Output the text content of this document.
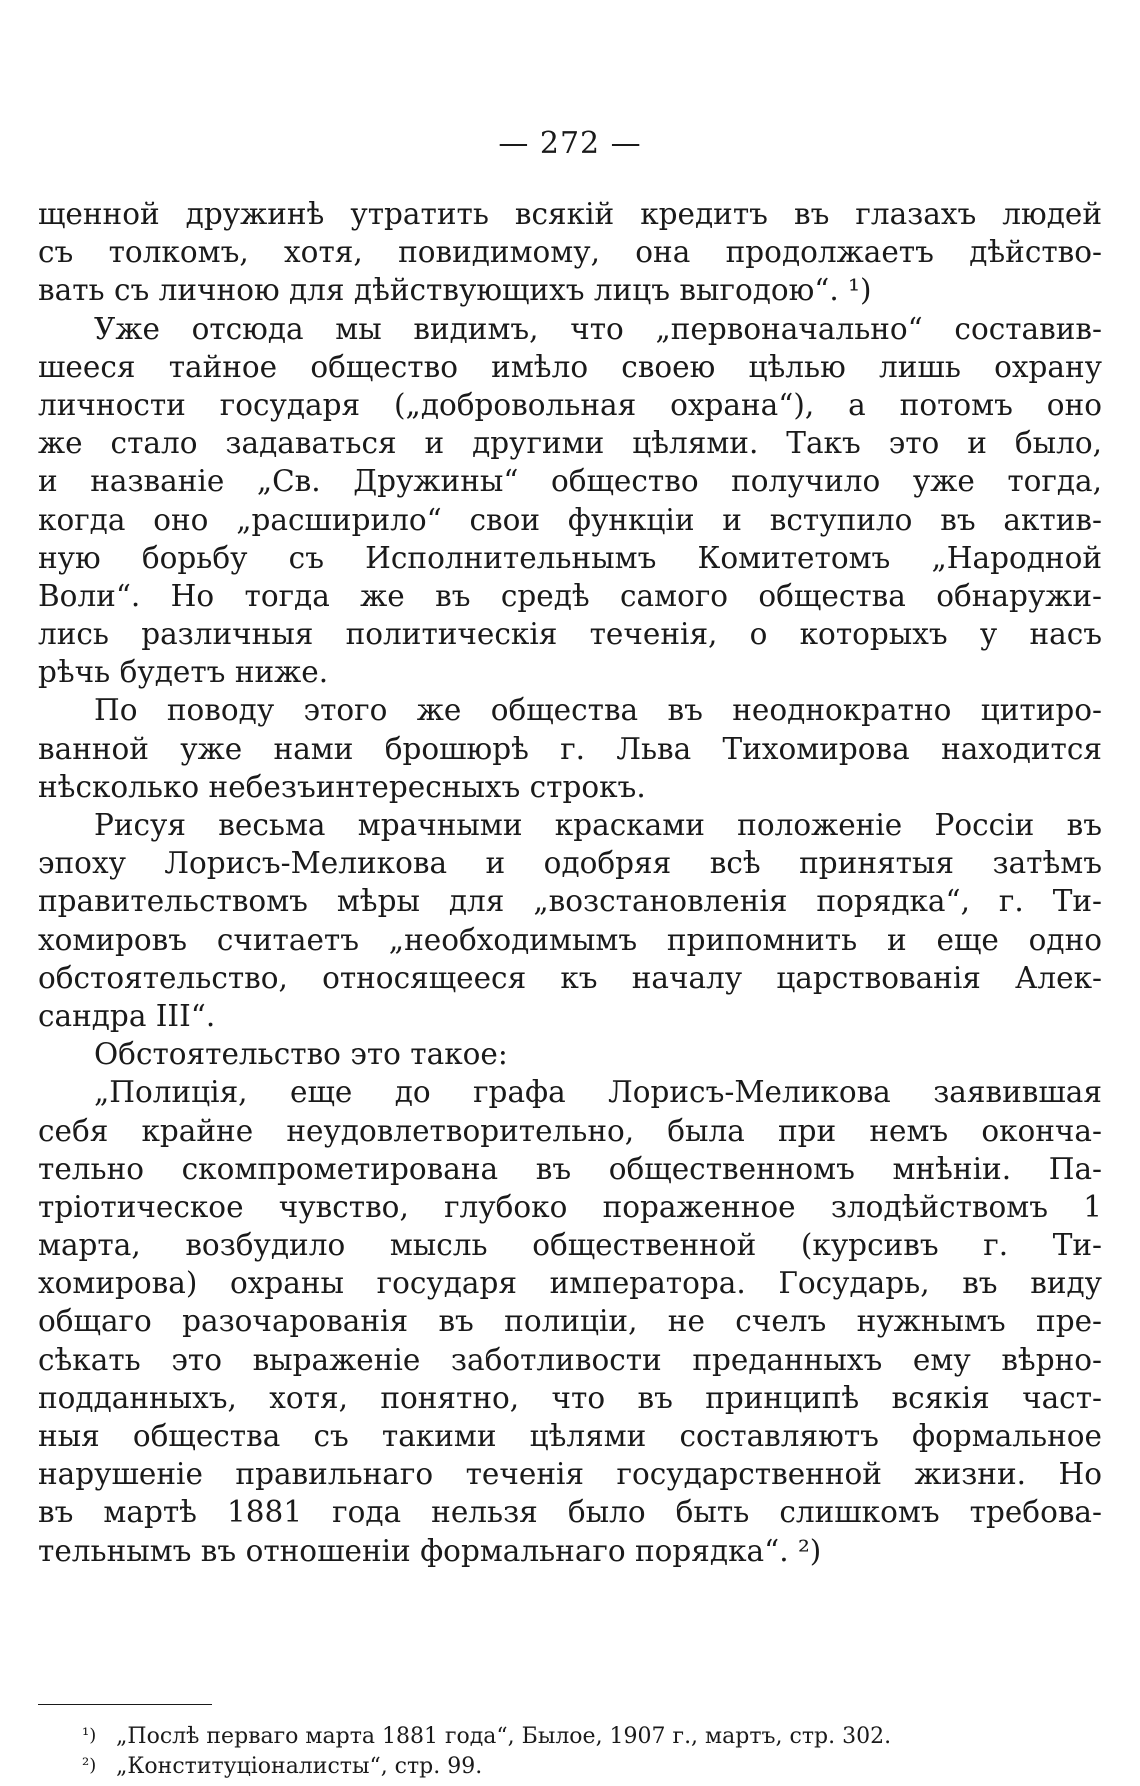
— 272 —
щенной дружинѣ утратить всякій кредитъ въ глазахъ людей
съ толкомъ, хотя, повидимому, она продолжаетъ дѣйство-
вать съ личною для дѣйствующихъ лицъ выгодою“. ¹)
Уже отсюда мы видимъ, что „первоначально“ составив-
шееся тайное общество имѣло своею цѣлью лишь охрану
личности государя („добровольная охрана“), а потомъ оно
же стало задаваться и другими цѣлями. Такъ это и было,
и названіе „Св. Дружины“ общество получило уже тогда,
когда оно „расширило“ свои функціи и вступило въ актив-
ную борьбу съ Исполнительнымъ Комитетомъ „Народной
Воли“. Но тогда же въ средѣ самого общества обнаружи-
лись различныя политическія теченія, о которыхъ у насъ
рѣчь будетъ ниже.
По поводу этого же общества въ неоднократно цитиро-
ванной уже нами брошюрѣ г. Льва Тихомирова находится
нѣсколько небезъинтересныхъ строкъ.
Рисуя весьма мрачными красками положеніе Россіи въ
эпоху Лорисъ-Меликова и одобряя всѣ принятыя затѣмъ
правительствомъ мѣры для „возстановленія порядка“, г. Ти-
хомировъ считаетъ „необходимымъ припомнить и еще одно
обстоятельство, относящееся къ началу царствованія Алек-
сандра III“.
Обстоятельство это такое:
„Полиція, еще до графа Лорисъ-Меликова заявившая
себя крайне неудовлетворительно, была при немъ оконча-
тельно скомпрометирована въ общественномъ мнѣніи. Па-
тріотическое чувство, глубоко пораженное злодѣйствомъ 1
марта, возбудило мысль общественной (курсивъ г. Ти-
хомирова) охраны государя императора. Государь, въ виду
общаго разочарованія въ полиціи, не счелъ нужнымъ пре-
сѣкать это выраженіе заботливости преданныхъ ему вѣрно-
подданныхъ, хотя, понятно, что въ принципѣ всякія част-
ныя общества съ такими цѣлями составляютъ формальное
нарушеніе правильнаго теченія государственной жизни. Но
въ мартѣ 1881 года нельзя было быть слишкомъ требова-
тельнымъ въ отношеніи формальнаго порядка“. ²)
¹) „Послѣ перваго марта 1881 года“, Былое, 1907 г., мартъ, стр. 302.
²) „Конституціоналисты“, стр. 99.
